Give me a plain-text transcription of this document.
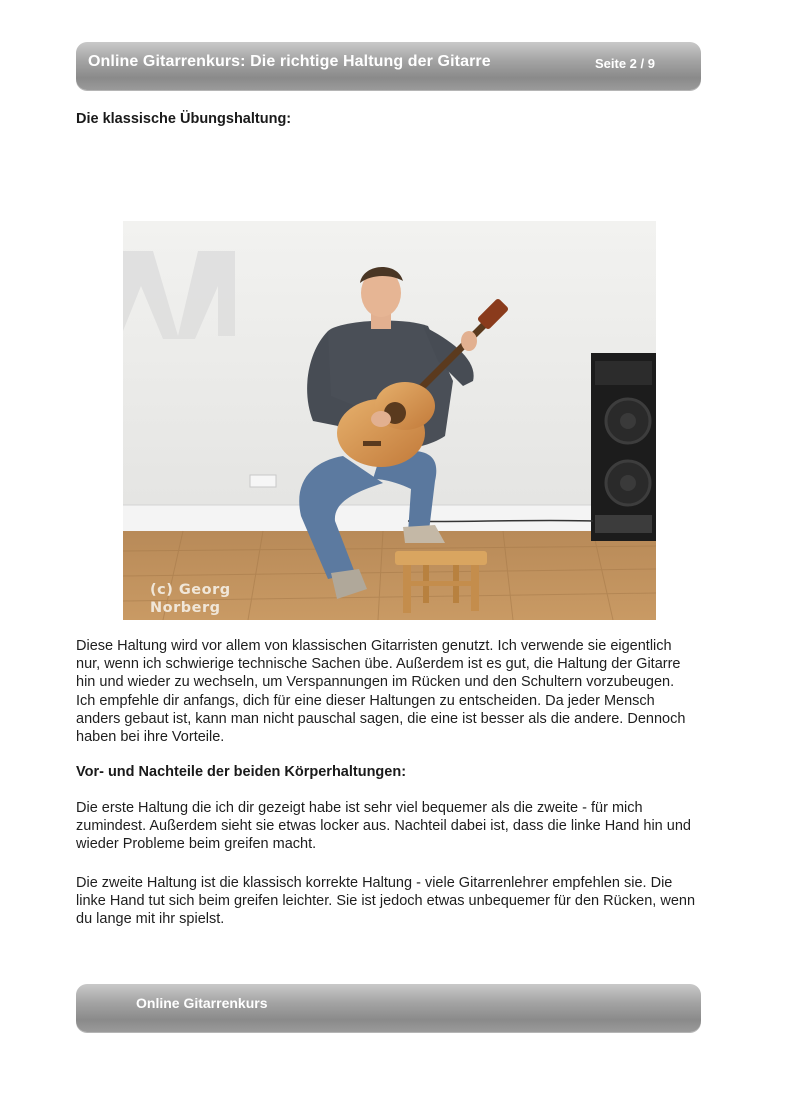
Online Gitarrenkurs: Die richtige Haltung der Gitarre	Seite 2 / 9
Die klassische Übungshaltung:
(c) Georg
Norberg

Diese Haltung wird vor allem von klassischen Gitarristen genutzt. Ich verwende sie eigentlich nur, wenn ich schwierige technische Sachen übe. Außerdem ist es gut, die Haltung der Gitarre hin und wieder zu wechseln, um Verspannungen im Rücken und den Schultern vorzubeugen. Ich empfehle dir anfangs, dich für eine dieser Haltungen zu entscheiden. Da jeder Mensch anders gebaut ist, kann man nicht pauschal sagen, die eine ist besser als die andere. Dennoch haben bei ihre Vorteile.

Vor- und Nachteile der beiden Körperhaltungen:

Die erste Haltung die ich dir gezeigt habe ist sehr viel bequemer als die zweite - für mich zumindest. Außerdem sieht sie etwas locker aus. Nachteil dabei ist, dass die linke Hand hin und wieder Probleme beim greifen macht.

Die zweite Haltung ist die klassisch korrekte Haltung - viele Gitarrenlehrer empfehlen sie. Die linke Hand tut sich beim greifen leichter. Sie ist jedoch etwas unbequemer für den Rücken, wenn du lange mit ihr spielst.

Online Gitarrenkurs
